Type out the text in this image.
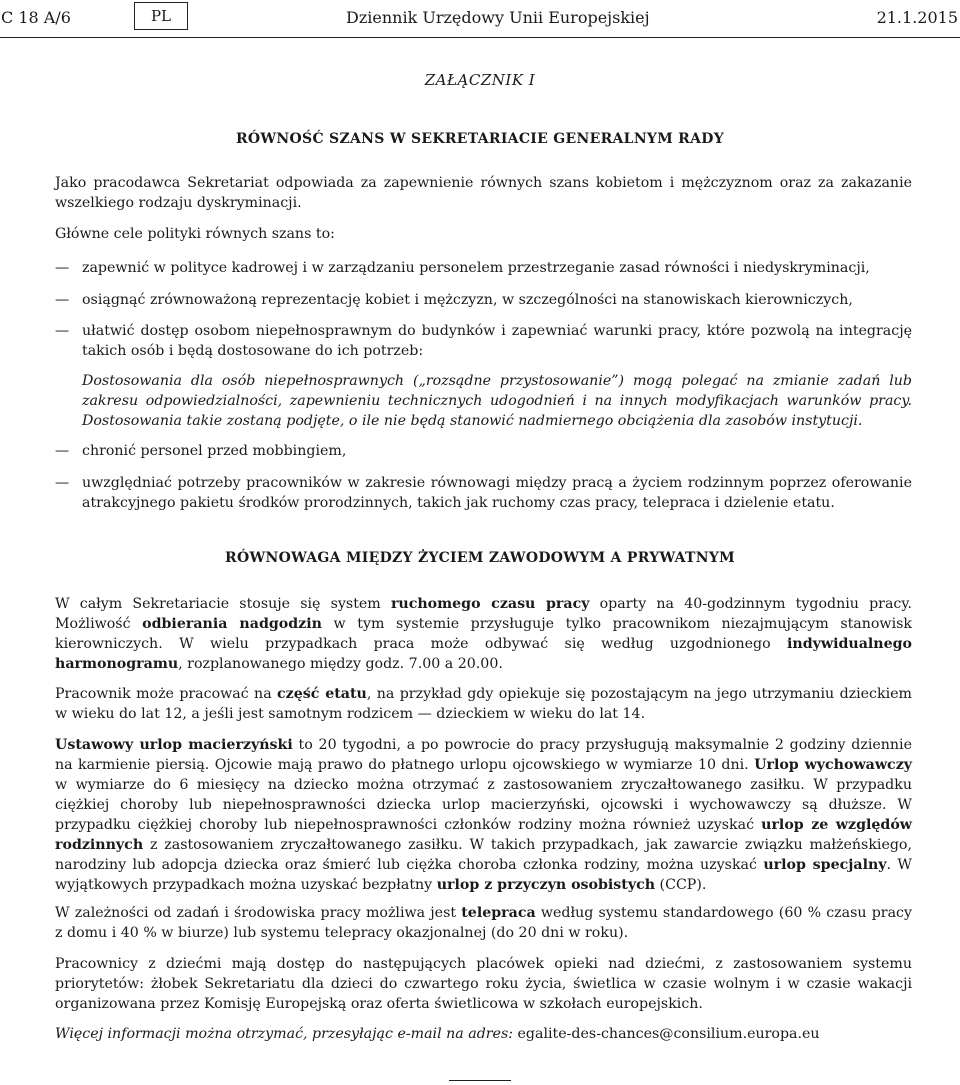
C 18 A/6	PL	Dziennik Urzędowy Unii Europejskiej	21.1.2015
ZAŁĄCZNIK I
RÓWNOŚĆ SZANS W SEKRETARIACIE GENERALNYM RADY
Jako pracodawca Sekretariat odpowiada za zapewnienie równych szans kobietom i mężczyznom oraz za zakazanie wszelkiego rodzaju dyskryminacji.
Główne cele polityki równych szans to:
— zapewnić w polityce kadrowej i w zarządzaniu personelem przestrzeganie zasad równości i niedyskryminacji,
— osiągnąć zrównoważoną reprezentację kobiet i mężczyzn, w szczególności na stanowiskach kierowniczych,
— ułatwić dostęp osobom niepełnosprawnym do budynków i zapewniać warunki pracy, które pozwolą na integrację takich osób i będą dostosowane do ich potrzeb:
Dostosowania dla osób niepełnosprawnych („rozsądne przystosowanie”) mogą polegać na zmianie zadań lub zakresu odpowiedzialności, zapewnieniu technicznych udogodnień i na innych modyfikacjach warunków pracy. Dostosowania takie zostaną podjęte, o ile nie będą stanowić nadmiernego obciążenia dla zasobów instytucji.
— chronić personel przed mobbingiem,
— uwzględniać potrzeby pracowników w zakresie równowagi między pracą a życiem rodzinnym poprzez oferowanie atrakcyjnego pakietu środków prorodzinnych, takich jak ruchomy czas pracy, telepraca i dzielenie etatu.
RÓWNOWAGA MIĘDZY ŻYCIEM ZAWODOWYM A PRYWATNYM
W całym Sekretariacie stosuje się system ruchomego czasu pracy oparty na 40-godzinnym tygodniu pracy. Możliwość odbierania nadgodzin w tym systemie przysługuje tylko pracownikom niezajmującym stanowisk kierowniczych. W wielu przypadkach praca może odbywać się według uzgodnionego indywidualnego harmonogramu, rozplanowanego między godz. 7.00 a 20.00.
Pracownik może pracować na część etatu, na przykład gdy opiekuje się pozostającym na jego utrzymaniu dzieckiem w wieku do lat 12, a jeśli jest samotnym rodzicem — dzieckiem w wieku do lat 14.
Ustawowy urlop macierzyński to 20 tygodni, a po powrocie do pracy przysługują maksymalnie 2 godziny dziennie na karmienie piersią. Ojcowie mają prawo do płatnego urlopu ojcowskiego w wymiarze 10 dni. Urlop wychowawczy w wymiarze do 6 miesięcy na dziecko można otrzymać z zastosowaniem zryczałtowanego zasiłku. W przypadku ciężkiej choroby lub niepełnosprawności dziecka urlop macierzyński, ojcowski i wychowawczy są dłuższe. W przypadku ciężkiej choroby lub niepełnosprawności członków rodziny można również uzyskać urlop ze względów rodzinnych z zastosowaniem zryczałtowanego zasiłku. W takich przypadkach, jak zawarcie związku małżeńskiego, narodziny lub adopcja dziecka oraz śmierć lub ciężka choroba członka rodziny, można uzyskać urlop specjalny. W wyjątkowych przypadkach można uzyskać bezpłatny urlop z przyczyn osobistych (CCP).
W zależności od zadań i środowiska pracy możliwa jest telepraca według systemu standardowego (60 % czasu pracy z domu i 40 % w biurze) lub systemu telepracy okazjonalnej (do 20 dni w roku).
Pracownicy z dziećmi mają dostęp do następujących placówek opieki nad dziećmi, z zastosowaniem systemu priorytetów: żłobek Sekretariatu dla dzieci do czwartego roku życia, świetlica w czasie wolnym i w czasie wakacji organizowana przez Komisję Europejską oraz oferta świetlicowa w szkołach europejskich.
Więcej informacji można otrzymać, przesyłając e-mail na adres: egalite-des-chances@consilium.europa.eu
